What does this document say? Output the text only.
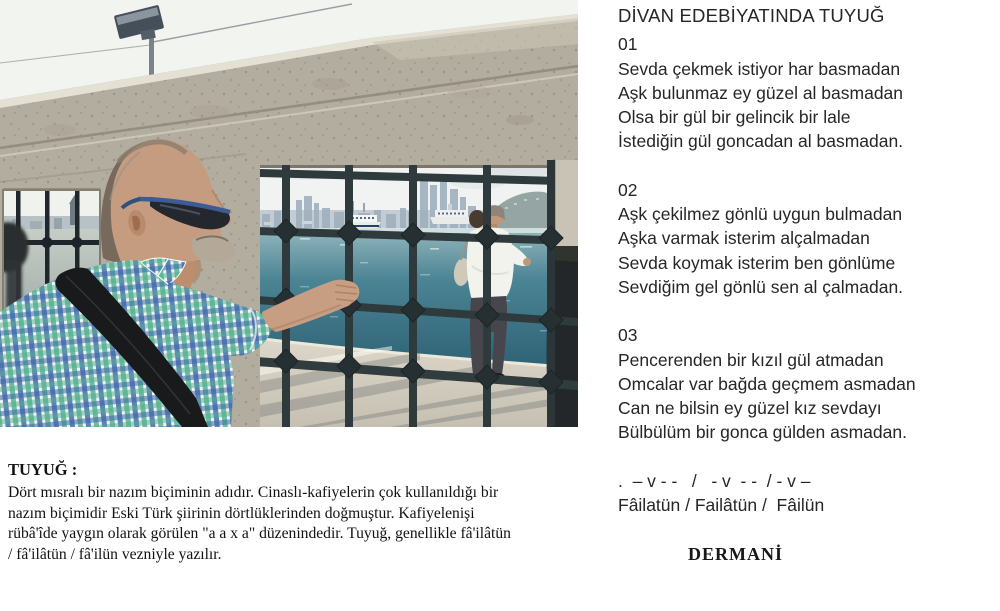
DİVAN EDEBİYATINDA TUYUĞ

01

Sevda çekmek istiyor har basmadan

Aşk bulunmaz ey güzel al basmadan

Olsa bir gül bir gelincik bir lale

İstediğin gül goncadan al basmadan.

02

Aşk çekilmez gönlü uygun bulmadan

Aşka varmak isterim alçalmadan

Sevda koymak isterim ben gönlüme

Sevdiğim gel gönlü sen al çalmadan.

03

Pencerenden bir kızıl gül atmadan

Omcalar var bağda geçmem asmadan

Can ne bilsin ey güzel kız sevdayı

Bülbülüm bir gonca gülden asmadan.

.  – v - -   /   - v  - -  / - v –

Fâilatün / Failâtün /  Fâilün

DERMANİ

TUYUĞ :

Dört mısralı bir nazım biçiminin adıdır. Cinaslı-kafiyelerin çok kullanıldığı bir

nazım biçimidir Eski Türk şiirinin dörtlüklerinden doğmuştur. Kafiyelenişi

rübâ'îde yaygın olarak görülen "a a x a" düzenindedir. Tuyuğ, genellikle fâ'ilâtün

/ fâ'ilâtün / fâ'ilün vezniyle yazılır.
